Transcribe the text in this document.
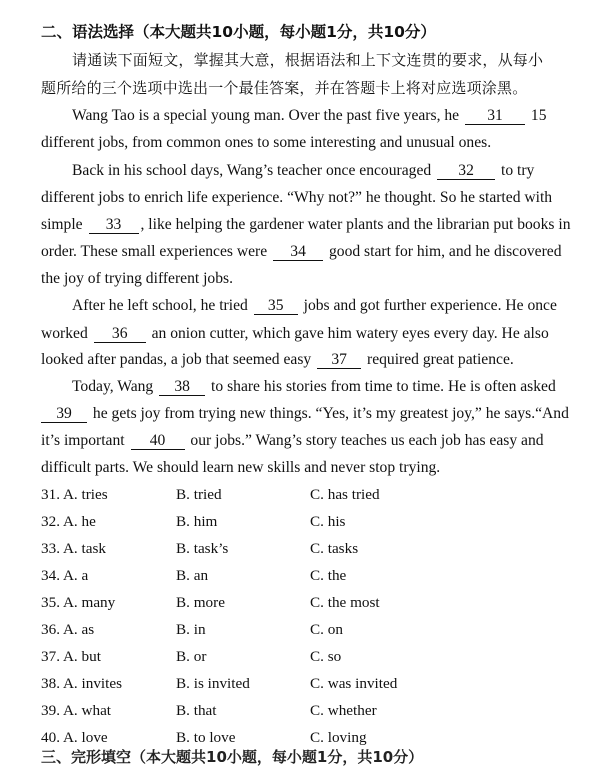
二、语法选择（本大题共10小题，每小题1分，共10分）
请通读下面短文，掌握其大意，根据语法和上下文连贯的要求，从每小
题所给的三个选项中选出一个最佳答案，并在答题卡上将对应选项涂黑。
Wang Tao is a special young man. Over the past five years, he 31 15
different jobs, from common ones to some interesting and unusual ones.
Back in his school days, Wang’s teacher once encouraged 32 to try
different jobs to enrich life experience. “Why not?” he thought. So he started with
simple 33 , like helping the gardener water plants and the librarian put books in
order. These small experiences were 34 good start for him, and he discovered
the joy of trying different jobs.
After he left school, he tried 35 jobs and got further experience. He once
worked 36 an onion cutter, which gave him watery eyes every day. He also
looked after pandas, a job that seemed easy 37 required great patience.
Today, Wang 38 to share his stories from time to time. He is often asked
39 he gets joy from trying new things. “Yes, it’s my greatest joy,” he says.“And
it’s important 40 our jobs.” Wang’s story teaches us each job has easy and
difficult parts. We should learn new skills and never stop trying.
31. A. tries	B. tried	C. has tried
32. A. he	B. him	C. his
33. A. task	B. task’s	C. tasks
34. A. a	B. an	C. the
35. A. many	B. more	C. the most
36. A. as	B. in	C. on
37. A. but	B. or	C. so
38. A. invites	B. is invited	C. was invited
39. A. what	B. that	C. whether
40. A. love	B. to love	C. loving
三、完形填空（本大题共10小题，每小题1分，共10分）
